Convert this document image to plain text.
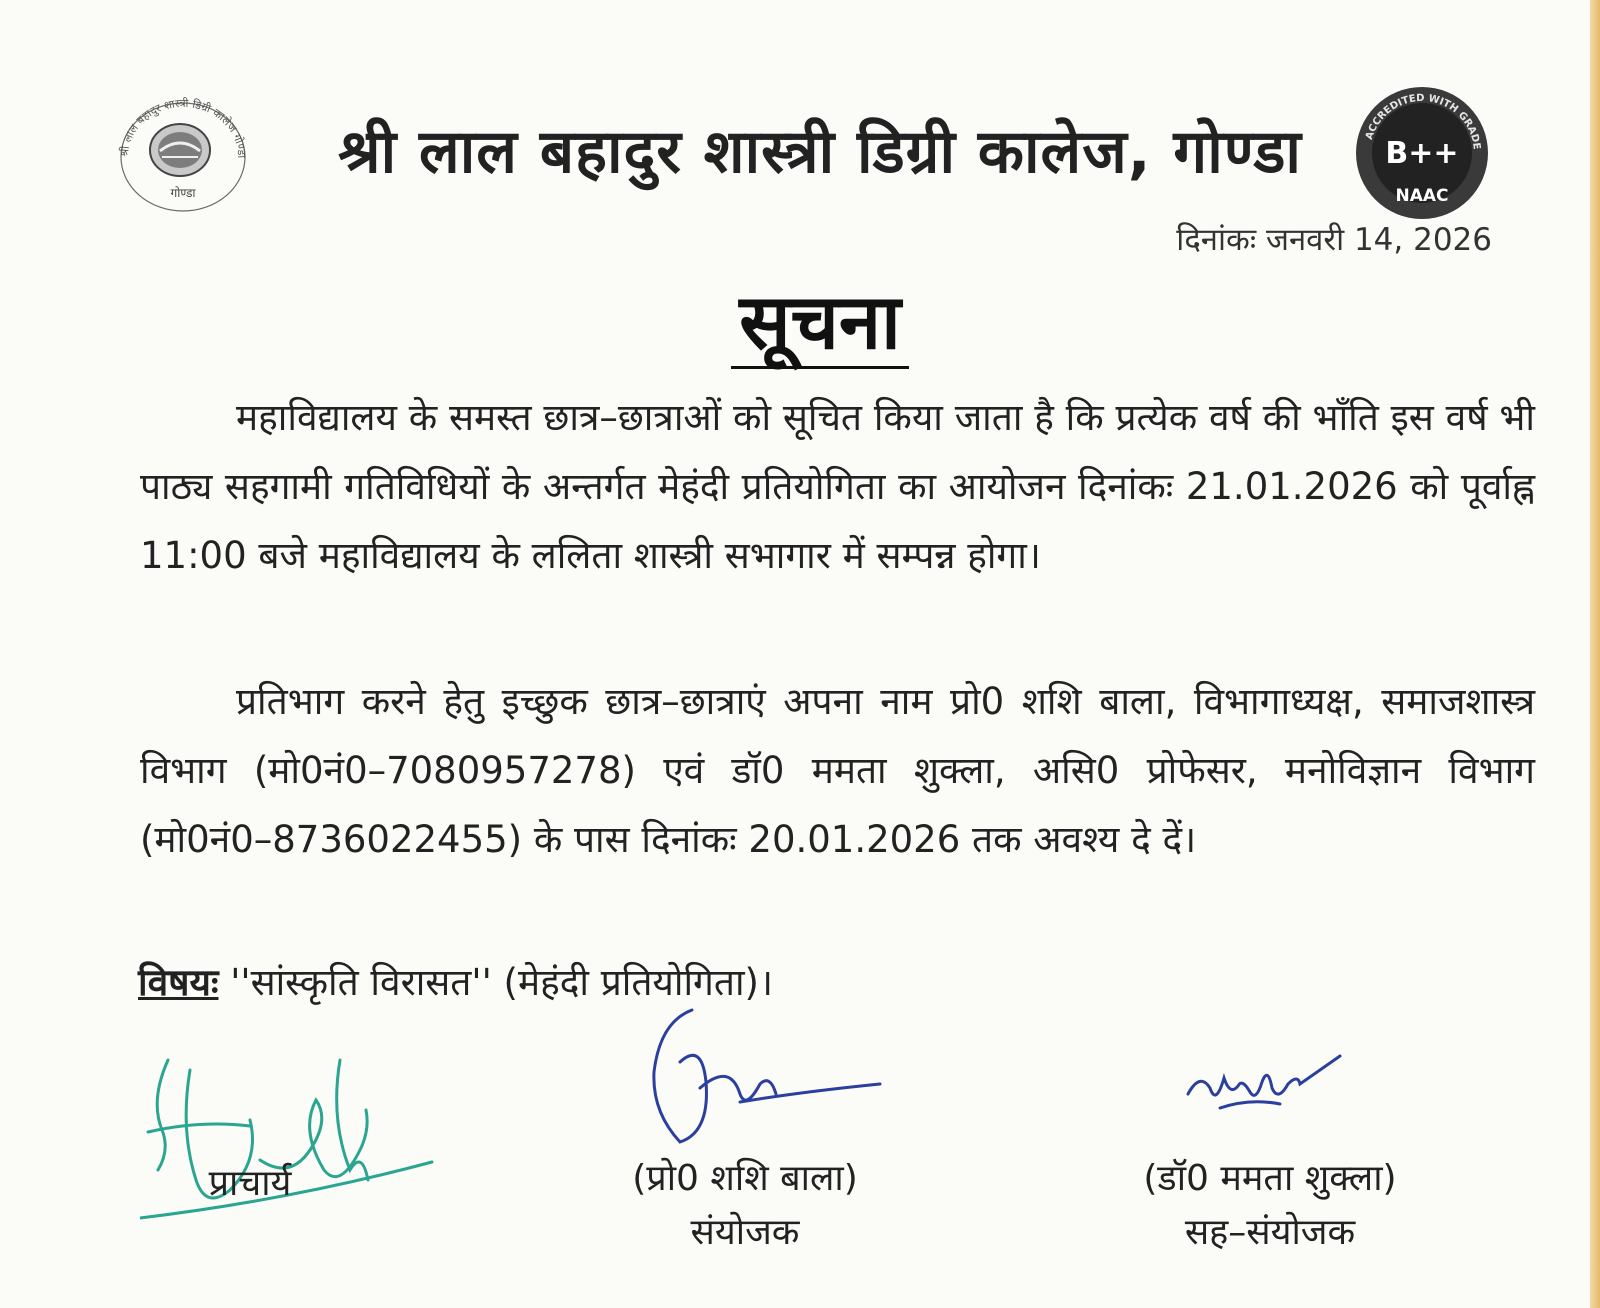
श्री लाल बहादुर शास्त्री डिग्री कालेज गोण्डा
गोण्डा
श्री लाल बहादुर शास्त्री डिग्री कालेज, गोण्डा	ACCREDITED WITH GRADE
B++
NAAC
दिनांकः जनवरी 14, 2026
सूचना
महाविद्यालय के समस्त छात्र–छात्राओं को सूचित किया जाता है कि प्रत्येक वर्ष की भाँति इस वर्ष भी पाठ्य सहगामी गतिविधियों के अन्तर्गत मेहंदी प्रतियोगिता का आयोजन दिनांकः 21.01.2026 को पूर्वाह्न 11:00 बजे महाविद्यालय के ललिता शास्त्री सभागार में सम्पन्न होगा।
प्रतिभाग करने हेतु इच्छुक छात्र–छात्राएं अपना नाम प्रो0 शशि बाला, विभागाध्यक्ष, समाजशास्त्र विभाग (मो0नं0–7080957278) एवं डॉ0 ममता शुक्ला, असि0 प्रोफेसर, मनोविज्ञान विभाग (मो0नं0–8736022455) के पास दिनांकः 20.01.2026 तक अवश्य दे दें।
विषयः ''सांस्कृति विरासत'' (मेहंदी प्रतियोगिता)।
प्राचार्य	(प्रो0 शशि बाला)
संयोजक
(डॉ0 ममता शुक्ला)
सह–संयोजक
